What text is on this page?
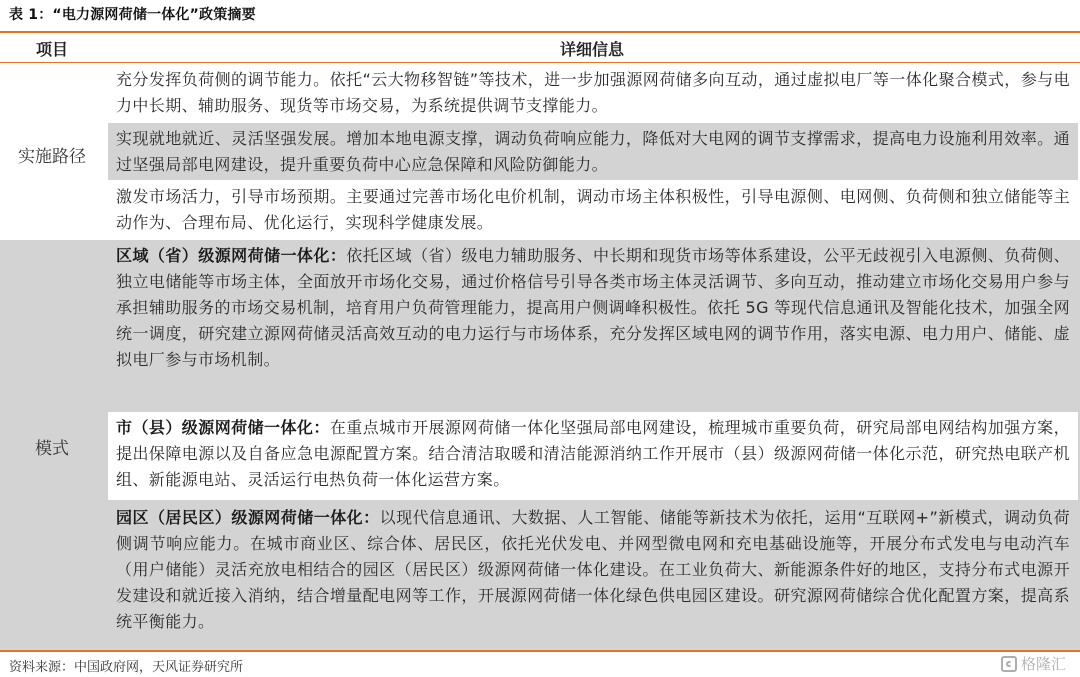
表 1：“电力源网荷储一体化”政策摘要
项目	详细信息
实施路径

充分发挥负荷侧的调节能力。依托“云大物移智链”等技术，进一步加强源网荷储多向互动，通过虚拟电厂等一体化聚合模式，参与电力中长期、辅助服务、现货等市场交易，为系统提供调节支撑能力。

实现就地就近、灵活坚强发展。增加本地电源支撑，调动负荷响应能力，降低对大电网的调节支撑需求，提高电力设施利用效率。通过坚强局部电网建设，提升重要负荷中心应急保障和风险防御能力。

激发市场活力，引导市场预期。主要通过完善市场化电价机制，调动市场主体积极性，引导电源侧、电网侧、负荷侧和独立储能等主动作为、合理布局、优化运行，实现科学健康发展。

模式

区域（省）级源网荷储一体化：依托区域（省）级电力辅助服务、中长期和现货市场等体系建设，公平无歧视引入电源侧、负荷侧、独立电储能等市场主体，全面放开市场化交易，通过价格信号引导各类市场主体灵活调节、多向互动，推动建立市场化交易用户参与承担辅助服务的市场交易机制，培育用户负荷管理能力，提高用户侧调峰积极性。依托 5G 等现代信息通讯及智能化技术，加强全网统一调度，研究建立源网荷储灵活高效互动的电力运行与市场体系，充分发挥区域电网的调节作用，落实电源、电力用户、储能、虚拟电厂参与市场机制。

市（县）级源网荷储一体化：在重点城市开展源网荷储一体化坚强局部电网建设，梳理城市重要负荷，研究局部电网结构加强方案，提出保障电源以及自备应急电源配置方案。结合清洁取暖和清洁能源消纳工作开展市（县）级源网荷储一体化示范，研究热电联产机组、新能源电站、灵活运行电热负荷一体化运营方案。

园区（居民区）级源网荷储一体化：以现代信息通讯、大数据、人工智能、储能等新技术为依托，运用“互联网+”新模式，调动负荷侧调节响应能力。在城市商业区、综合体、居民区，依托光伏发电、并网型微电网和充电基础设施等，开展分布式发电与电动汽车（用户储能）灵活充放电相结合的园区（居民区）级源网荷储一体化建设。在工业负荷大、新能源条件好的地区，支持分布式电源开发建设和就近接入消纳，结合增量配电网等工作，开展源网荷储一体化绿色供电园区建设。研究源网荷储综合优化配置方案，提高系统平衡能力。

资料来源：中国政府网，天风证券研究所	格隆汇
